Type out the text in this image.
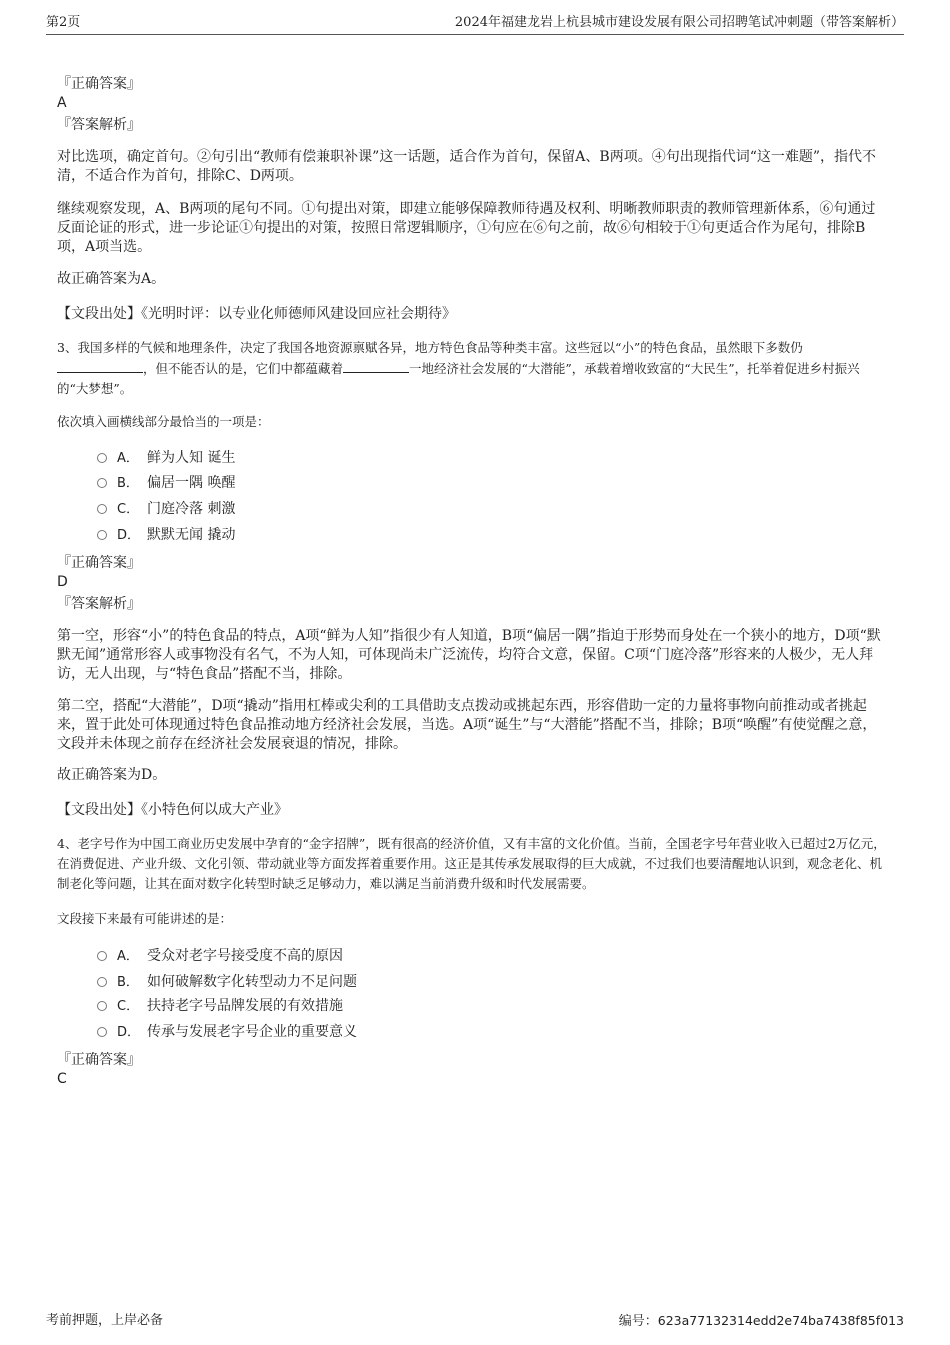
第2页	2024年福建龙岩上杭县城市建设发展有限公司招聘笔试冲刺题（带答案解析）
『正确答案』
A
『答案解析』
对比选项，确定首句。②句引出“教师有偿兼职补课”这一话题，适合作为首句，保留A、B两项。④句出现指代词“这一难题”，指代不清，不适合作为首句，排除C、D两项。
继续观察发现，A、B两项的尾句不同。①句提出对策，即建立能够保障教师待遇及权利、明晰教师职责的教师管理新体系，⑥句通过反面论证的形式，进一步论证①句提出的对策，按照日常逻辑顺序，①句应在⑥句之前，故⑥句相较于①句更适合作为尾句，排除B项，A项当选。
故正确答案为A。
【文段出处】《光明时评：以专业化师德师风建设回应社会期待》
3、我国多样的气候和地理条件，决定了我国各地资源禀赋各异，地方特色食品等种类丰富。这些冠以“小”的特色食品，虽然眼下多数仍，但不能否认的是，它们中都蕴藏着	一地经济社会发展的“大潜能”，承载着增收致富的“大民生”，托举着促进乡村振兴的“大梦想”。
依次填入画横线部分最恰当的一项是：
A． 鲜为人知 诞生
B． 偏居一隅 唤醒
C． 门庭冷落 刺激
D． 默默无闻 撬动
『正确答案』
D
『答案解析』
第一空，形容“小”的特色食品的特点，A项“鲜为人知”指很少有人知道，B项“偏居一隅”指迫于形势而身处在一个狭小的地方，D项“默默无闻”通常形容人或事物没有名气，不为人知，可体现尚未广泛流传，均符合文意，保留。C项“门庭冷落”形容来的人极少，无人拜访，无人出现，与“特色食品”搭配不当，排除。
第二空，搭配“大潜能”，D项“撬动”指用杠棒或尖利的工具借助支点拨动或挑起东西，形容借助一定的力量将事物向前推动或者挑起来，置于此处可体现通过特色食品推动地方经济社会发展，当选。A项“诞生”与“大潜能”搭配不当，排除；B项“唤醒”有使觉醒之意，文段并未体现之前存在经济社会发展衰退的情况，排除。
故正确答案为D。
【文段出处】《小特色何以成大产业》
4、老字号作为中国工商业历史发展中孕育的“金字招牌”，既有很高的经济价值，又有丰富的文化价值。当前，全国老字号年营业收入已超过2万亿元，在消费促进、产业升级、文化引领、带动就业等方面发挥着重要作用。这正是其传承发展取得的巨大成就，不过我们也要清醒地认识到，观念老化、机制老化等问题，让其在面对数字化转型时缺乏足够动力，难以满足当前消费升级和时代发展需要。
文段接下来最有可能讲述的是：
A． 受众对老字号接受度不高的原因
B． 如何破解数字化转型动力不足问题
C． 扶持老字号品牌发展的有效措施
D． 传承与发展老字号企业的重要意义
『正确答案』
C
考前押题，上岸必备	编号：623a77132314edd2e74ba7438f85f013
